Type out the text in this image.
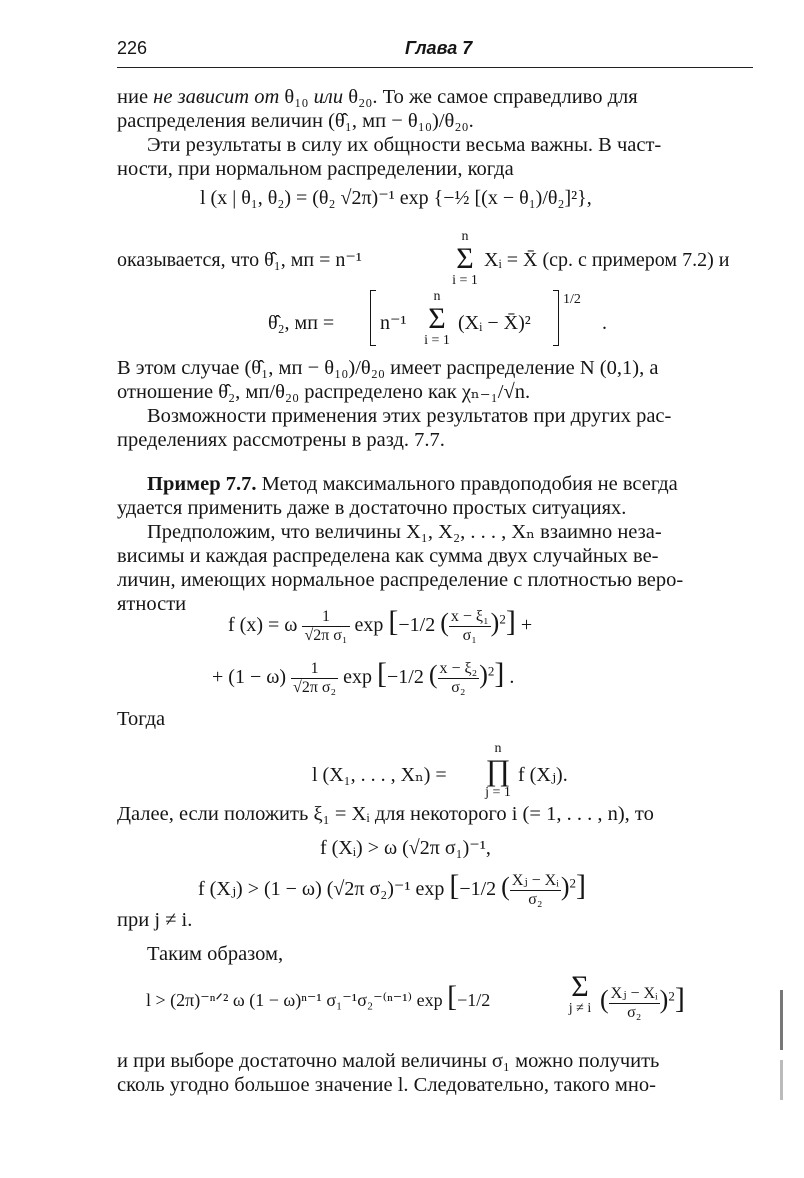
226	Глава 7

ние не зависит от θ₁₀ или θ₂₀. То же самое справедливо для

распределения величин (θ̂₁, мп − θ₁₀)/θ₂₀.

Эти результаты в силу их общности весьма важны. В част-

ности, при нормальном распределении, когда

l (x | θ₁, θ₂) = (θ₂ √2π)⁻¹ exp {−½ [(x − θ₁)/θ₂]²},
оказывается, что θ̂₁, мп = n⁻¹
n
Σ
i = 1
Xᵢ = X̄ (ср. с примером 7.2) и
θ̂₂, мп = n⁻¹
n
Σ
i = 1
(Xᵢ − X̄)²
1/2
.

В этом случае (θ̂₁, мп − θ₁₀)/θ₂₀ имеет распределение N (0,1), а

отношение θ̂₂, мп/θ₂₀ распределено как χₙ₋₁/√n.

Возможности применения этих результатов при других рас-

пределениях рассмотрены в разд. 7.7.

Пример 7.7. Метод максимального правдоподобия не всегда

удается применить даже в достаточно простых ситуациях.

Предположим, что величины X₁, X₂, . . . , Xₙ взаимно неза-

висимы и каждая распределена как сумма двух случайных ве-

личин, имеющих нормальное распределение с плотностью веро-

ятности

f (x) = ω $\frac{1}{\text{√2π σ₁}}$ exp [−1/2 ( $\frac{\text{x − ξ₁}}{\text{σ₁}} )^2$] +
+ $(1 - \omega) \frac{1}{\text{√2π σ₂}}$ exp [−1/2 ( $\frac{\text{x − ξ₂}}{\text{σ₂}} )^2$] .

Тогда

l (X₁, . . . , Xₙ) =
n
∏
j = 1
f (Xⱼ).

Далее, если положить ξ₁ = Xᵢ для некоторого i (= 1, . . . , n), то

f (Xᵢ) > ω (√2π σ₁)⁻¹,
f (Xⱼ) > (1 − ω) (√2π σ₂)⁻¹ exp [−1/2 ( $\frac{\text{Xⱼ − Xᵢ}}{\text{σ₂}} )^2$]

при j ≠ i.

Таким образом,

l > (2π)⁻ⁿᐟ² ω (1 − ω)ⁿ⁻¹ σ₁⁻¹σ₂⁻⁽ⁿ⁻¹⁾ exp [−1/2	Σ
j ≠ i ( $\frac{\text{Xⱼ − Xᵢ}}{\text{σ₂}} )^2$]

и при выборе достаточно малой величины σ₁ можно получить

сколь угодно большое значение l. Следовательно, такого мно-
